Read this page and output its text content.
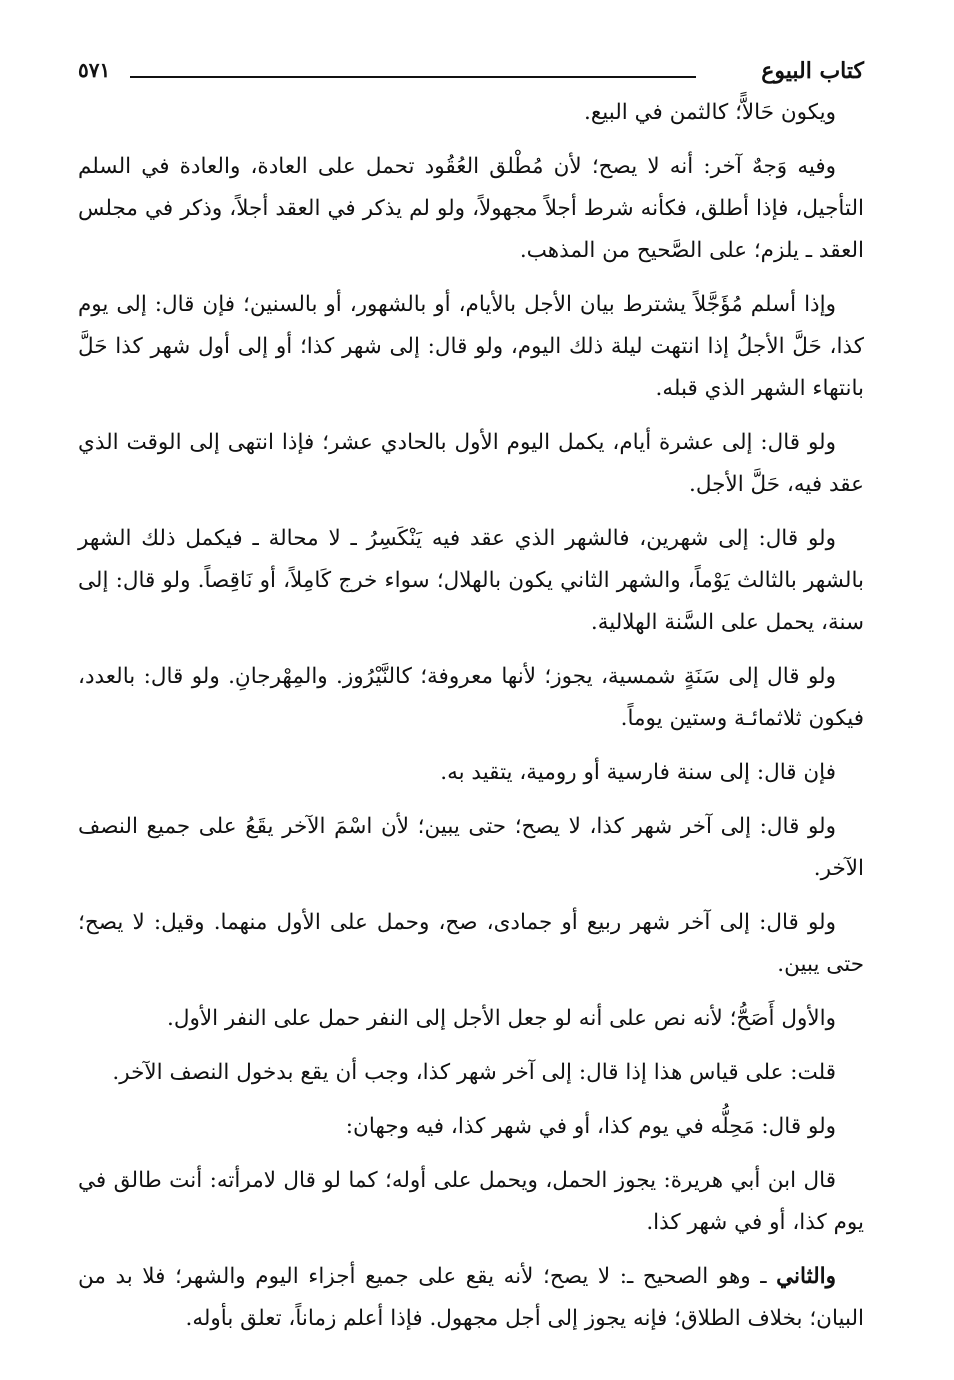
كتاب البيوع
٥٧١

ويكون حَالاًّ؛ كالثمن في البيع.

وفيه وَجهٌ آخر: أنه لا يصح؛ لأن مُطْلق العُقُود تحمل على العادة، والعادة في السلم التأجيل، فإذا أطلق، فكأنه شرط أجلاً مجهولاً، ولو لم يذكر في العقد أجلاً، وذكر في مجلس العقد ـ يلزم؛ على الصَّحيح من المذهب.

وإذا أسلم مُؤَجَّلاً يشترط بيان الأجل بالأيام، أو بالشهور، أو بالسنين؛ فإن قال: إلى يوم كذا، حَلَّ الأجلُ إذا انتهت ليلة ذلك اليوم، ولو قال: إلى شهر كذا؛ أو إلى أول شهر كذا حَلَّ بانتهاء الشهر الذي قبله.

ولو قال: إلى عشرة أيام، يكمل اليوم الأول بالحادي عشر؛ فإذا انتهى إلى الوقت الذي عقد فيه، حَلَّ الأجل.

ولو قال: إلى شهرين، فالشهر الذي عقد فيه يَنْكَسِرُ ـ لا محالة ـ فيكمل ذلك الشهر بالشهر بالثالث يَوْماً، والشهر الثاني يكون بالهلال؛ سواء خرج كَامِلاً، أو نَاقِصاً. ولو قال: إلى سنة، يحمل على السَّنة الهلالية.

ولو قال إلى سَنَةٍ شمسية، يجوز؛ لأنها معروفة؛ كالنَّيْرُوز. والمِهْرجانِ. ولو قال: بالعدد، فيكون ثلاثمائـة وستين يوماً.

فإن قال: إلى سنة فارسية أو رومية، يتقيد به.

ولو قال: إلى آخر شهر كذا، لا يصح؛ حتى يبين؛ لأن اسْمَ الآخر يقَعُ على جميع النصف الآخر.

ولو قال: إلى آخر شهر ربيع أو جمادى، صح، وحمل على الأول منهما. وقيل: لا يصح؛ حتى يبين.

والأول أَصَحُّ؛ لأنه نص على أنه لو جعل الأجل إلى النفر حمل على النفر الأول.

قلت: على قياس هذا إذا قال: إلى آخر شهر كذا، وجب أن يقع بدخول النصف الآخر.

ولو قال: مَحِلُّه في يوم كذا، أو في شهر كذا، فيه وجهان:

قال ابن أبي هريرة: يجوز الحمل، ويحمل على أوله؛ كما لو قال لامرأته: أنت طالق في يوم كذا، أو في شهر كذا.

والثاني ـ وهو الصحيح ـ: لا يصح؛ لأنه يقع على جميع أجزاء اليوم والشهر؛ فلا بد من البيان؛ بخلاف الطلاق؛ فإنه يجوز إلى أجل مجهول. فإذا أعلم زماناً، تعلق بأوله.
